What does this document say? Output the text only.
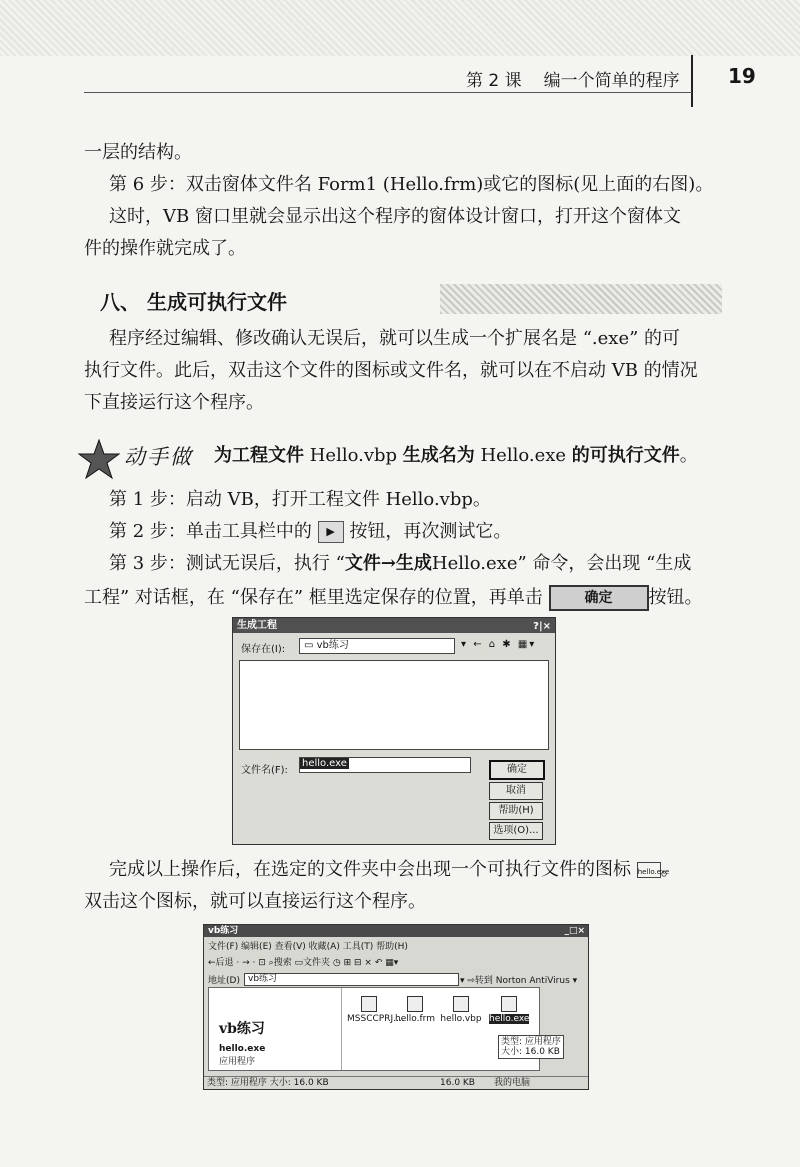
第 2 课 编一个简单的程序 19
一层的结构。
第 6 步：双击窗体文件名 Form1 (Hello.frm)或它的图标(见上面的右图)。
这时，VB 窗口里就会显示出这个程序的窗体设计窗口，打开这个窗体文
件的操作就完成了。
八、 生成可执行文件
程序经过编辑、修改确认无误后，就可以生成一个扩展名是 “.exe” 的可
执行文件。此后，双击这个文件的图标或文件名，就可以在不启动 VB 的情况
下直接运行这个程序。
动手做 为工程文件 Hello.vbp 生成名为 Hello.exe 的可执行文件。
第 1 步：启动 VB，打开工程文件 Hello.vbp。
第 2 步：单击工具栏中的 ▶ 按钮，再次测试它。
第 3 步：测试无误后，执行 “文件→生成Hello.exe” 命令，会出现 “生成
工程” 对话框，在 “保存在” 框里选定保存的位置，再单击	确定 按钮。
生成工程	?|×
保存在(I):	▭ vb练习	▾ ← ⌂ ✱ ▦▾
文件名(F):
hello.exe
确定
取消
帮助(H)
选项(O)...
完成以上操作后，在选定的文件夹中会出现一个可执行文件的图标 hello.exe。
双击这个图标，就可以直接运行这个程序。
vb练习	_□×
文件(F) 编辑(E) 查看(V) 收藏(A) 工具(T) 帮助(H)
←后退 · → · ⊡ ⌕搜索 ▭文件夹 ◷ ⊞ ⊟ × ↶ ▦▾
地址(D) vb练习	▾ ⇨转到 Norton AntiVirus ▾
vb练习
hello.exe
应用程序
MSSCCPRJ....
hello.frm hello.vbp hello.exe
类型: 应用程序
大小: 16.0 KB
类型: 应用程序 大小: 16.0 KB	16.0 KB 我的电脑
